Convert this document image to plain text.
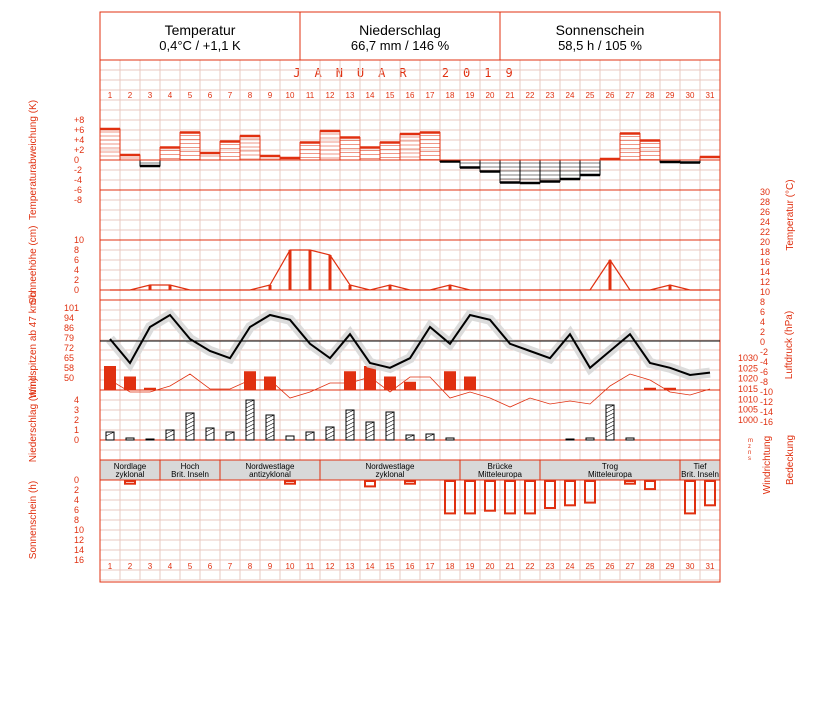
Temperatur
0,4°C / +1,1 K
Niederschlag
66,7 mm / 146 %
Sonnenschein
58,5 h / 105 %
JANUAR 2019
1
1
2
2
3
3
4
4
5
5
6
6
7
7
8
8
9
9
10
10
11
11
12
12
13
13
14
14
15
15
16
16
17
17
18
18
19
19
20
20
21
21
22
22
23
23
24
24
25
25
26
26
27
27
28
28
29
29
30
30
31
31
Temperaturabweichung (K)	+8
+6
+4
+2
0
-2
-4
-6
-8
Schneehöhe (cm)	10
8
6
4
2
0
Temperatur (°C)
30
28
26
24
22
20
18
16
14
12
10
8
6
4
2
0
-2
-4
-6
-8
-10
-12
-14
-16
Windspitzen ab 47 km/h	101
94
86
79
72
65
58
50	Luftdruck (hPa)
1030
1025
1020
1015
1010
1005
1000
Niederschlag (mm)	4
3
2
1
0	m
z
n
s Windrichtung Bedeckung
Nordlage
zyklonal
Hoch
Brit. Inseln
Nordwestlage
antizyklonal
Nordwestlage
zyklonal
Brücke
Mitteleuropa
Trog
Mitteleuropa
Tief
Brit. Inseln
Sonnenschein (h)
0
2
4
6
8
10
12
14
16
